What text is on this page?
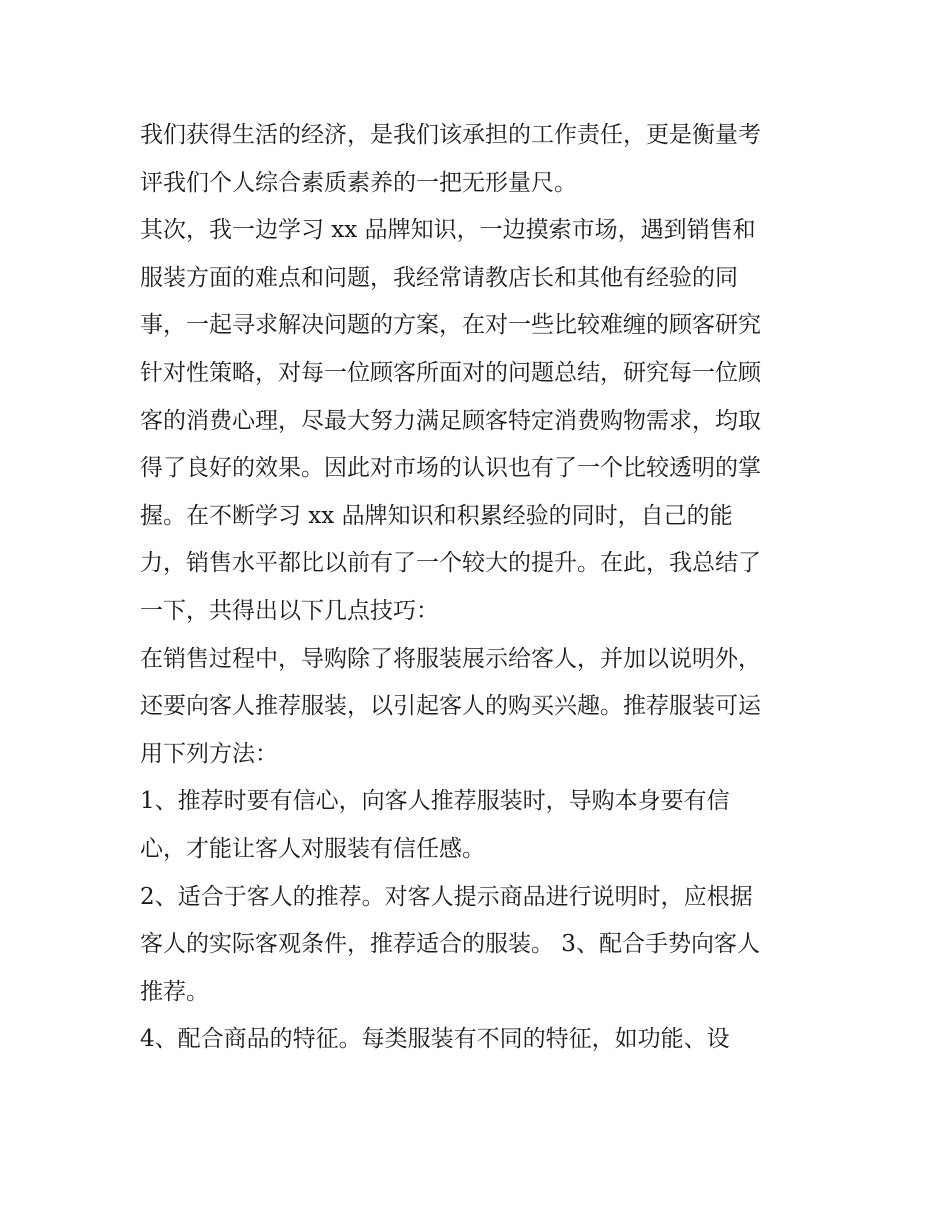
我们获得生活的经济，是我们该承担的工作责任，更是衡量考
评我们个人综合素质素养的一把无形量尺。
其次，我一边学习 xx 品牌知识，一边摸索市场，遇到销售和
服装方面的难点和问题，我经常请教店长和其他有经验的同
事，一起寻求解决问题的方案，在对一些比较难缠的顾客研究
针对性策略，对每一位顾客所面对的问题总结，研究每一位顾
客的消费心理，尽最大努力满足顾客特定消费购物需求，均取
得了良好的效果。因此对市场的认识也有了一个比较透明的掌
握。在不断学习 xx 品牌知识和积累经验的同时，自己的能
力，销售水平都比以前有了一个较大的提升。在此，我总结了
一下，共得出以下几点技巧：
在销售过程中，导购除了将服装展示给客人，并加以说明外，
还要向客人推荐服装，以引起客人的购买兴趣。推荐服装可运
用下列方法：
1、推荐时要有信心，向客人推荐服装时，导购本身要有信
心，才能让客人对服装有信任感。
2、适合于客人的推荐。对客人提示商品进行说明时，应根据
客人的实际客观条件，推荐适合的服装。 3、配合手势向客人
推荐。
4、配合商品的特征。每类服装有不同的特征，如功能、设
